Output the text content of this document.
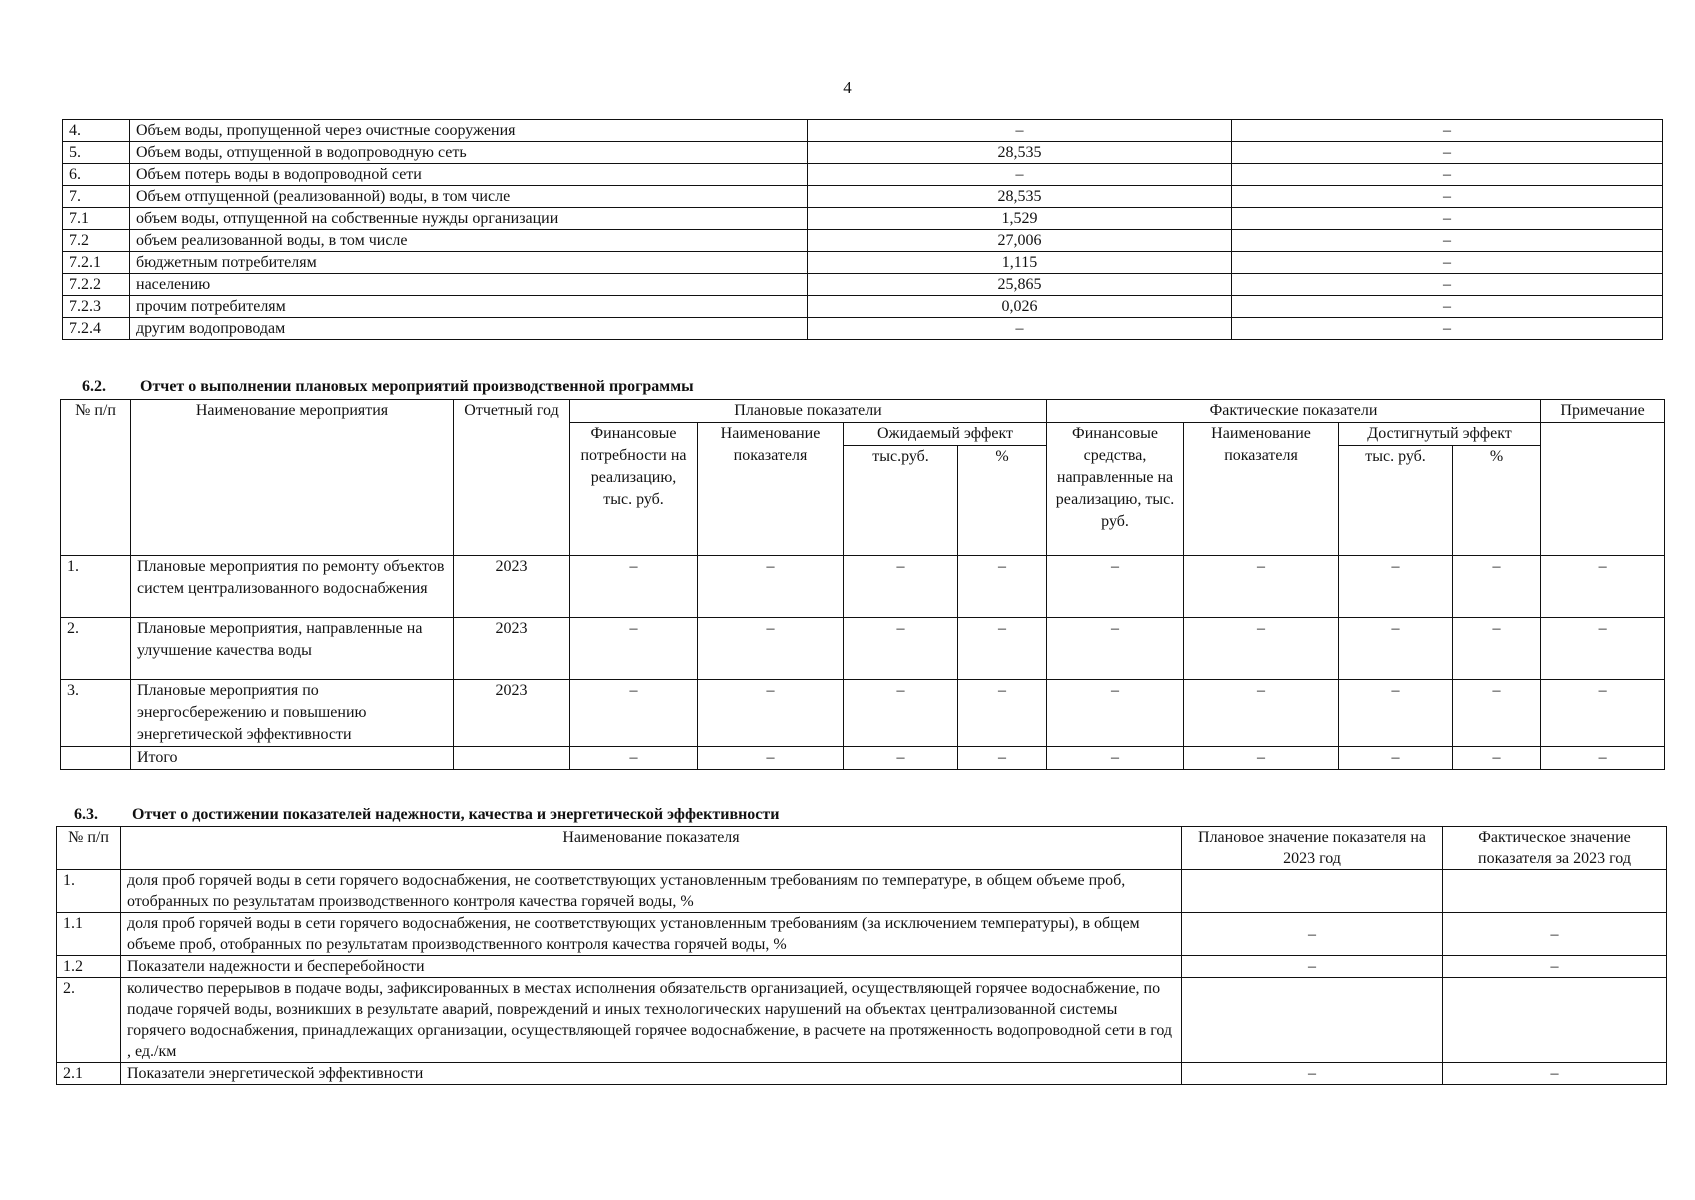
4
4.	Объем воды, пропущенной через очистные сооружения	–	–
5.	Объем воды, отпущенной в водопроводную сеть	28,535	–
6.	Объем потерь воды в водопроводной сети	–	–
7.	Объем отпущенной (реализованной) воды, в том числе	28,535	–
7.1	объем воды, отпущенной на собственные нужды организации	1,529	–
7.2	объем реализованной воды, в том числе	27,006	–
7.2.1	бюджетным потребителям	1,115	–
7.2.2	населению	25,865	–
7.2.3	прочим потребителям	0,026	–
7.2.4	другим водопроводам	–	–
6.2. Отчет о выполнении плановых мероприятий производственной программы
№ п/п	Наименование мероприятия	Отчетный год	Плановые показатели				Фактические показатели				Примечание
			Финансовые потребности на реализацию, тыс. руб.	Наименование показателя	Ожидаемый эффект		Финансовые средства, направленные на реализацию, тыс. руб.	Наименование показателя	Достигнутый эффект		
					тыс.руб.	%			тыс. руб.	%	
1.	Плановые мероприятия по ремонту объектов систем централизованного водоснабжения	2023	–	–	–	–	–	–	–	–	–
2.	Плановые мероприятия, направленные на улучшение качества воды	2023	–	–	–	–	–	–	–	–	–
3.	Плановые мероприятия по энергосбережению и повышению энергетической эффективности	2023	–	–	–	–	–	–	–	–	–
	Итого		–	–	–	–	–	–	–	–	–
6.3. Отчет о достижении показателей надежности, качества и энергетической эффективности
№ п/п	Наименование показателя	Плановое значение показателя на 2023 год	Фактическое значение показателя за 2023 год
1.	доля проб горячей воды в сети горячего водоснабжения, не соответствующих установленным требованиям по температуре, в общем объеме проб, отобранных по результатам производственного контроля качества горячей воды, %		
1.1	доля проб горячей воды в сети горячего водоснабжения, не соответствующих установленным требованиям (за исключением температуры), в общем объеме проб, отобранных по результатам производственного контроля качества горячей воды, %	–	–
1.2	Показатели надежности и бесперебойности	–	–
2.	количество перерывов в подаче воды, зафиксированных в местах исполнения обязательств организацией, осуществляющей горячее водоснабжение, по подаче горячей воды, возникших в результате аварий, повреждений и иных технологических нарушений на объектах централизованной системы горячего водоснабжения, принадлежащих организации, осуществляющей горячее водоснабжение, в расчете на протяженность водопроводной сети в год , ед./км		
2.1	Показатели энергетической эффективности	–	–
